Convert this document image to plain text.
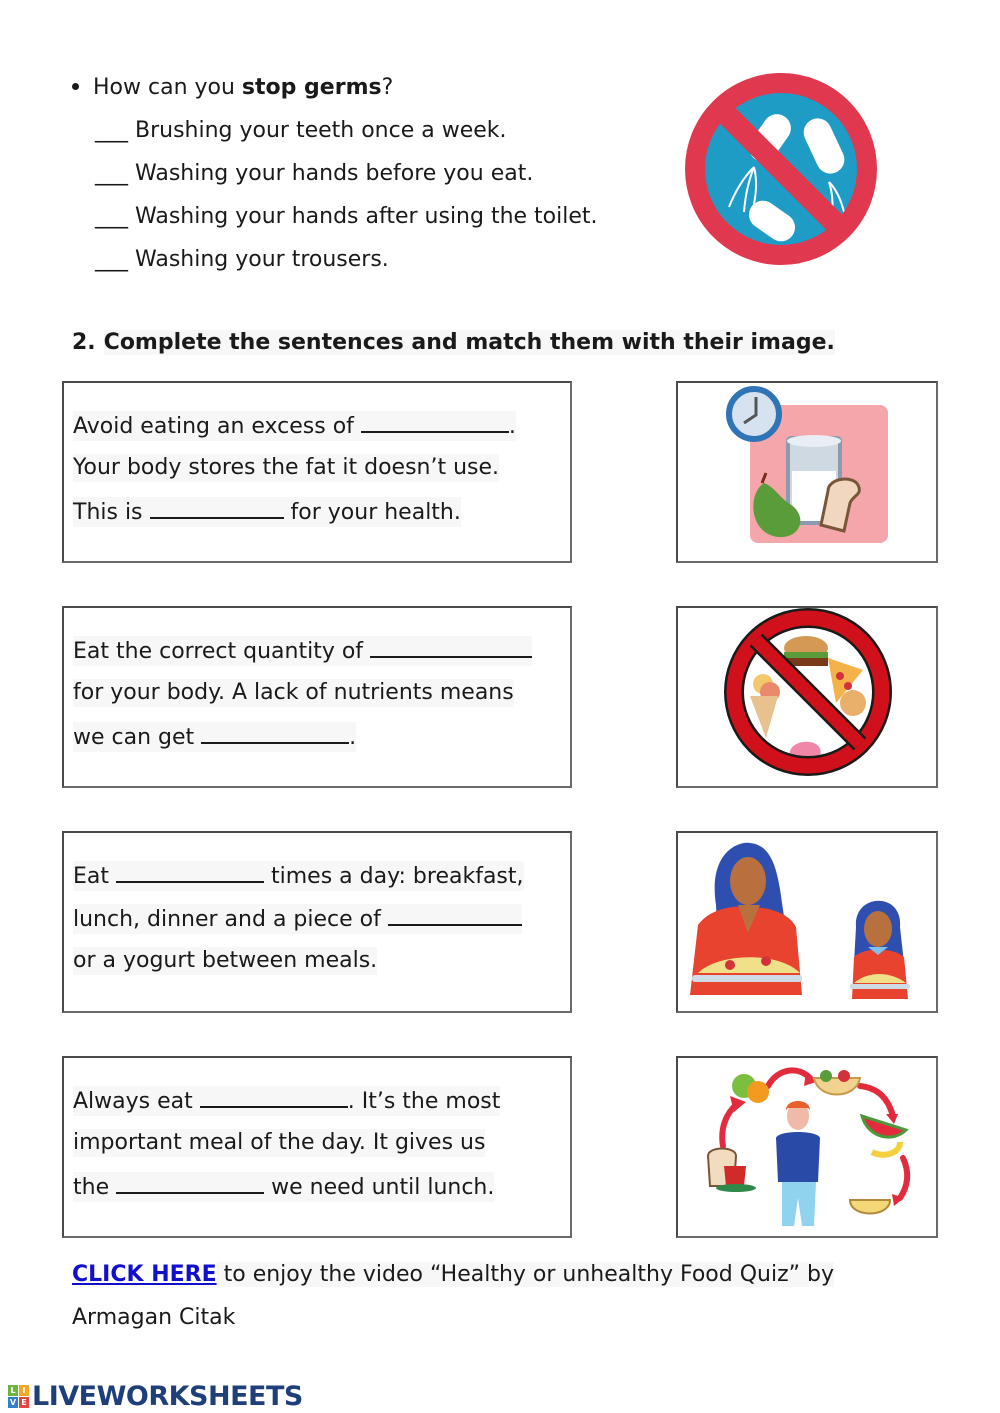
How can you stop germs?
___ Brushing your teeth once a week.
___ Washing your hands before you eat.
___ Washing your hands after using the toilet.
___ Washing your trousers.
2. Complete the sentences and match them with their image.
Avoid eating an excess of	.
Your body stores the fat it doesn’t use.
This is	for your health.
Eat the correct quantity of
for your body. A lack of nutrients means
we can get	.
Eat	times a day: breakfast,
lunch, dinner and a piece of
or a yogurt between meals.
Always eat	. It’s the most
important meal of the day. It gives us
the	we need until lunch.
CLICK HERE to enjoy the video “Healthy or unhealthy Food Quiz” by
Armagan Citak
L I
V E LIVEWORKSHEETS
